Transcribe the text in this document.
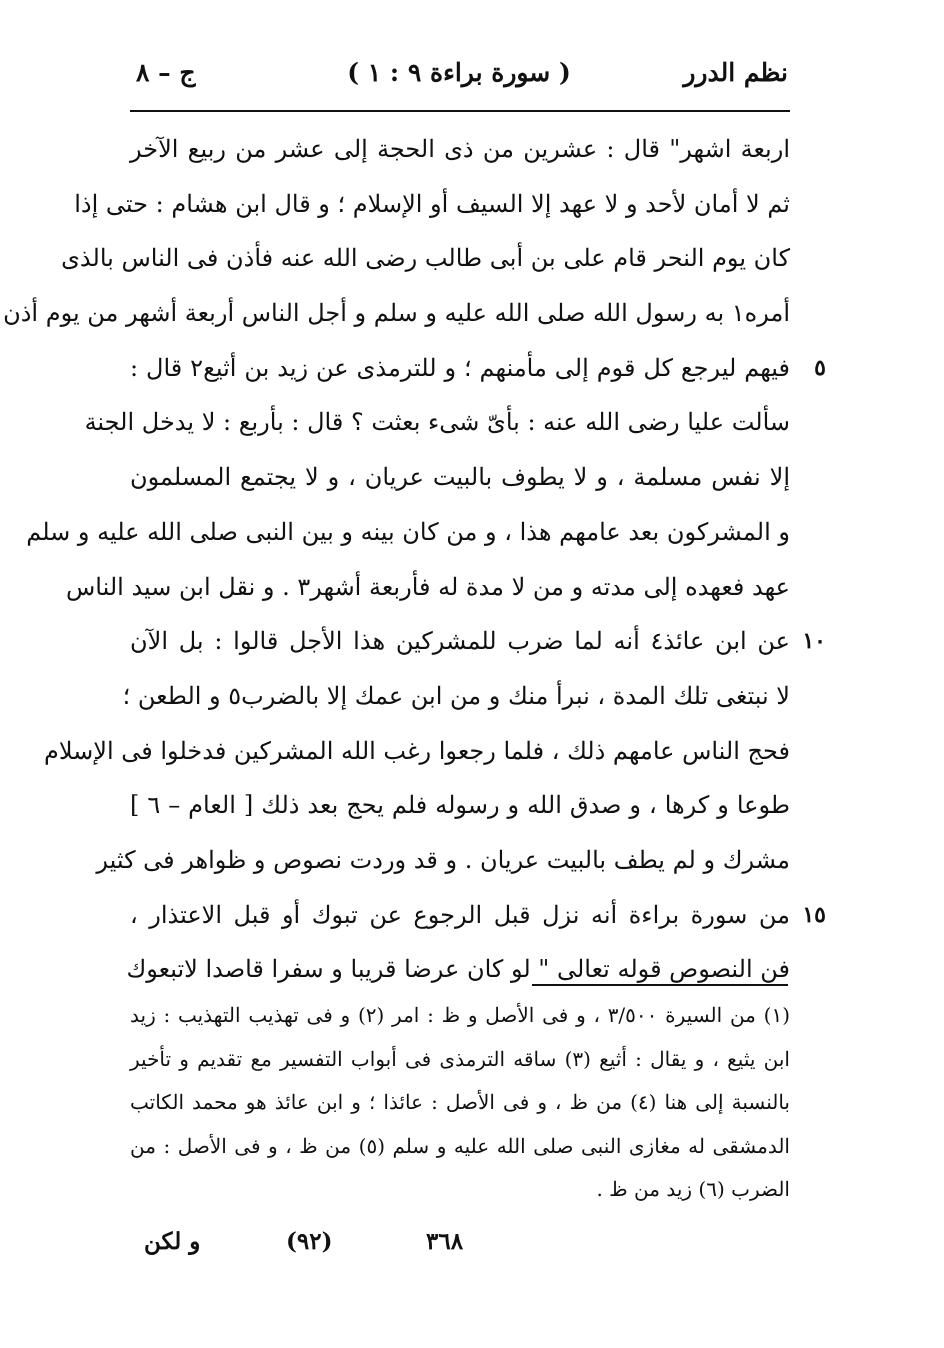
نظم الدرر
( سورة براءة ٩ : ١ )
ج – ٨
اربعة اشهر" قال : عشرين من ذى الحجة إلى عشر من ربيع الآخر
ثم لا أمان لأحد و لا عهد إلا السيف أو الإسلام ؛ و قال ابن هشام : حتى إذا
كان يوم النحر قام على بن أبى طالب رضى الله عنه فأذن فى الناس بالذى
أمره١ به رسول الله صلى الله عليه و سلم و أجل الناس أربعة أشهر من يوم أذن
فيهم ليرجع كل قوم إلى مأمنهم ؛ و للترمذى عن زيد بن أثيع٢ قال :
سألت عليا رضى الله عنه : بأىّ شىء بعثت ؟ قال : بأربع : لا يدخل الجنة
إلا نفس مسلمة ، و لا يطوف بالبيت عريان ، و لا يجتمع المسلمون
و المشركون بعد عامهم هذا ، و من كان بينه و بين النبى صلى الله عليه و سلم
عهد فعهده إلى مدته و من لا مدة له فأربعة أشهر٣ . و نقل ابن سيد الناس
عن ابن عائذ٤ أنه لما ضرب للمشركين هذا الأجل قالوا : بل الآن
لا نبتغى تلك المدة ، نبرأ منك و من ابن عمك إلا بالضرب٥ و الطعن ؛
فحج الناس عامهم ذلك ، فلما رجعوا رغب الله المشركين فدخلوا فى الإسلام
طوعا و كرها ، و صدق الله و رسوله فلم يحج بعد ذلك [ العام – ٦ ]
مشرك و لم يطف بالبيت عريان . و قد وردت نصوص و ظواهر فى كثير
من سورة براءة أنه نزل قبل الرجوع عن تبوك أو قبل الاعتذار ،
فن النصوص قوله تعالى " لو كان عرضا قريبا و سفرا قاصدا لاتبعوك
٥
١٠
١٥
(١) من السيرة ٣/٥٠٠ ، و فى الأصل و ظ : امر (٢) و فى تهذيب التهذيب : زيد
ابن يثيع ، و يقال : أثيع (٣) ساقه الترمذى فى أبواب التفسير مع تقديم و تأخير
بالنسبة إلى هنا (٤) من ظ ، و فى الأصل : عائذا ؛ و ابن عائذ هو محمد الكاتب
الدمشقى له مغازى النبى صلى الله عليه و سلم (٥) من ظ ، و فى الأصل : من
الضرب (٦) زيد من ظ .
و لكن	(٩٢)	٣٦٨
